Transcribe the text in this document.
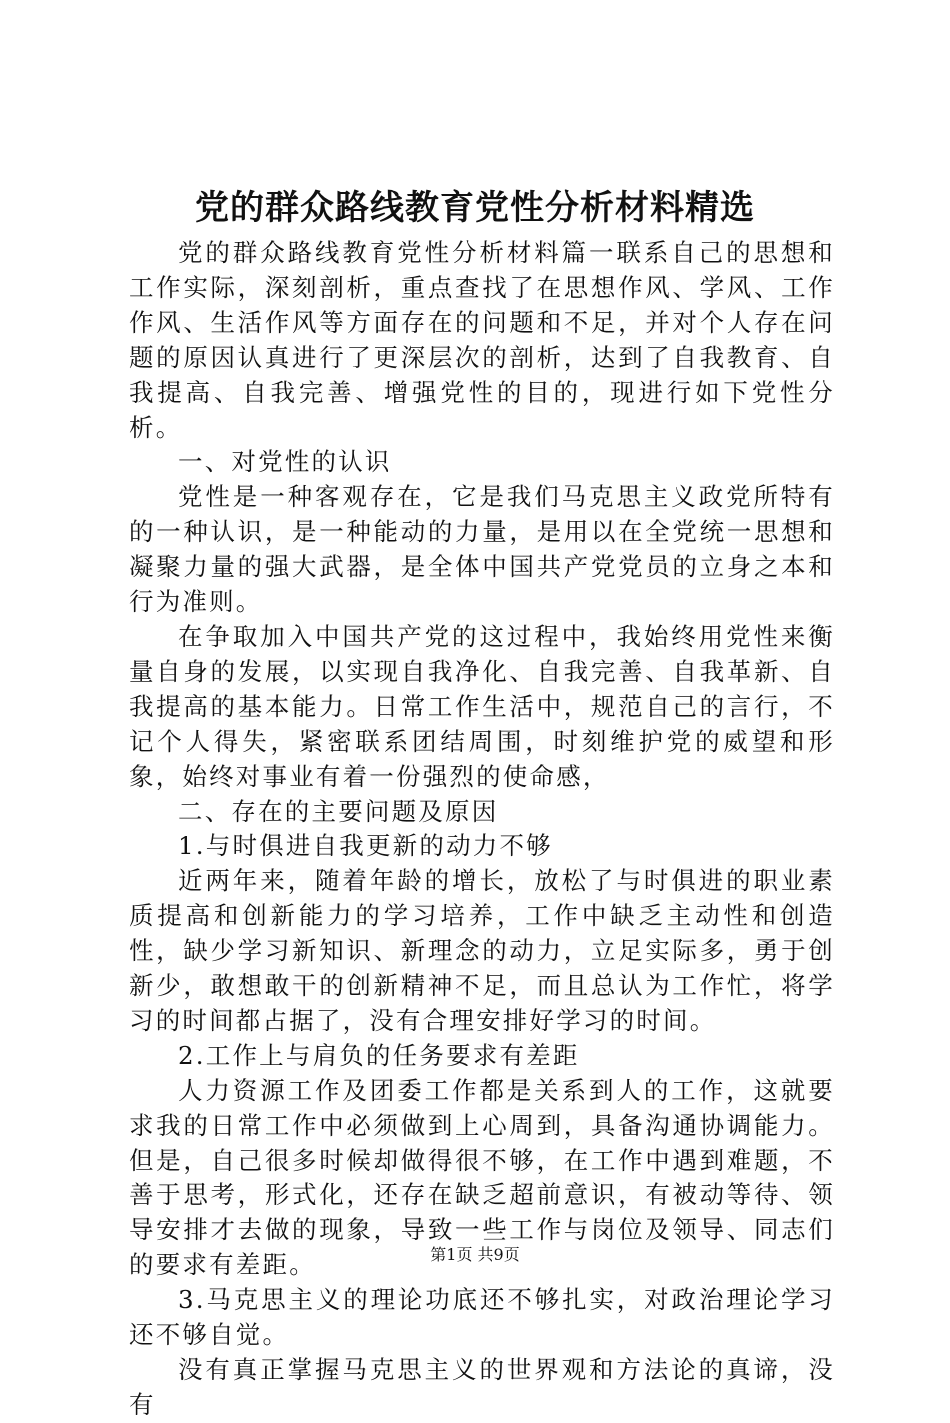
党的群众路线教育党性分析材料精选

党的群众路线教育党性分析材料篇一联系自己的思想和工作实际，深刻剖析，重点查找了在思想作风、学风、工作作风、生活作风等方面存在的问题和不足，并对个人存在问题的原因认真进行了更深层次的剖析，达到了自我教育、自我提高、自我完善、增强党性的目的，现进行如下党性分析。

一、对党性的认识

党性是一种客观存在，它是我们马克思主义政党所特有的一种认识，是一种能动的力量，是用以在全党统一思想和凝聚力量的强大武器，是全体中国共产党党员的立身之本和行为准则。

在争取加入中国共产党的这过程中，我始终用党性来衡量自身的发展，以实现自我净化、自我完善、自我革新、自我提高的基本能力。日常工作生活中，规范自己的言行，不记个人得失，紧密联系团结周围，时刻维护党的威望和形象，始终对事业有着一份强烈的使命感，

二、存在的主要问题及原因

1.与时俱进自我更新的动力不够

近两年来，随着年龄的增长，放松了与时俱进的职业素质提高和创新能力的学习培养，工作中缺乏主动性和创造性，缺少学习新知识、新理念的动力，立足实际多，勇于创新少，敢想敢干的创新精神不足，而且总认为工作忙，将学习的时间都占据了，没有合理安排好学习的时间。

2.工作上与肩负的任务要求有差距

人力资源工作及团委工作都是关系到人的工作，这就要求我的日常工作中必须做到上心周到，具备沟通协调能力。但是，自己很多时候却做得很不够，在工作中遇到难题，不善于思考，形式化，还存在缺乏超前意识，有被动等待、领导安排才去做的现象，导致一些工作与岗位及领导、同志们的要求有差距。

3.马克思主义的理论功底还不够扎实，对政治理论学习还不够自觉。

没有真正掌握马克思主义的世界观和方法论的真谛，没有

第1页 共9页
